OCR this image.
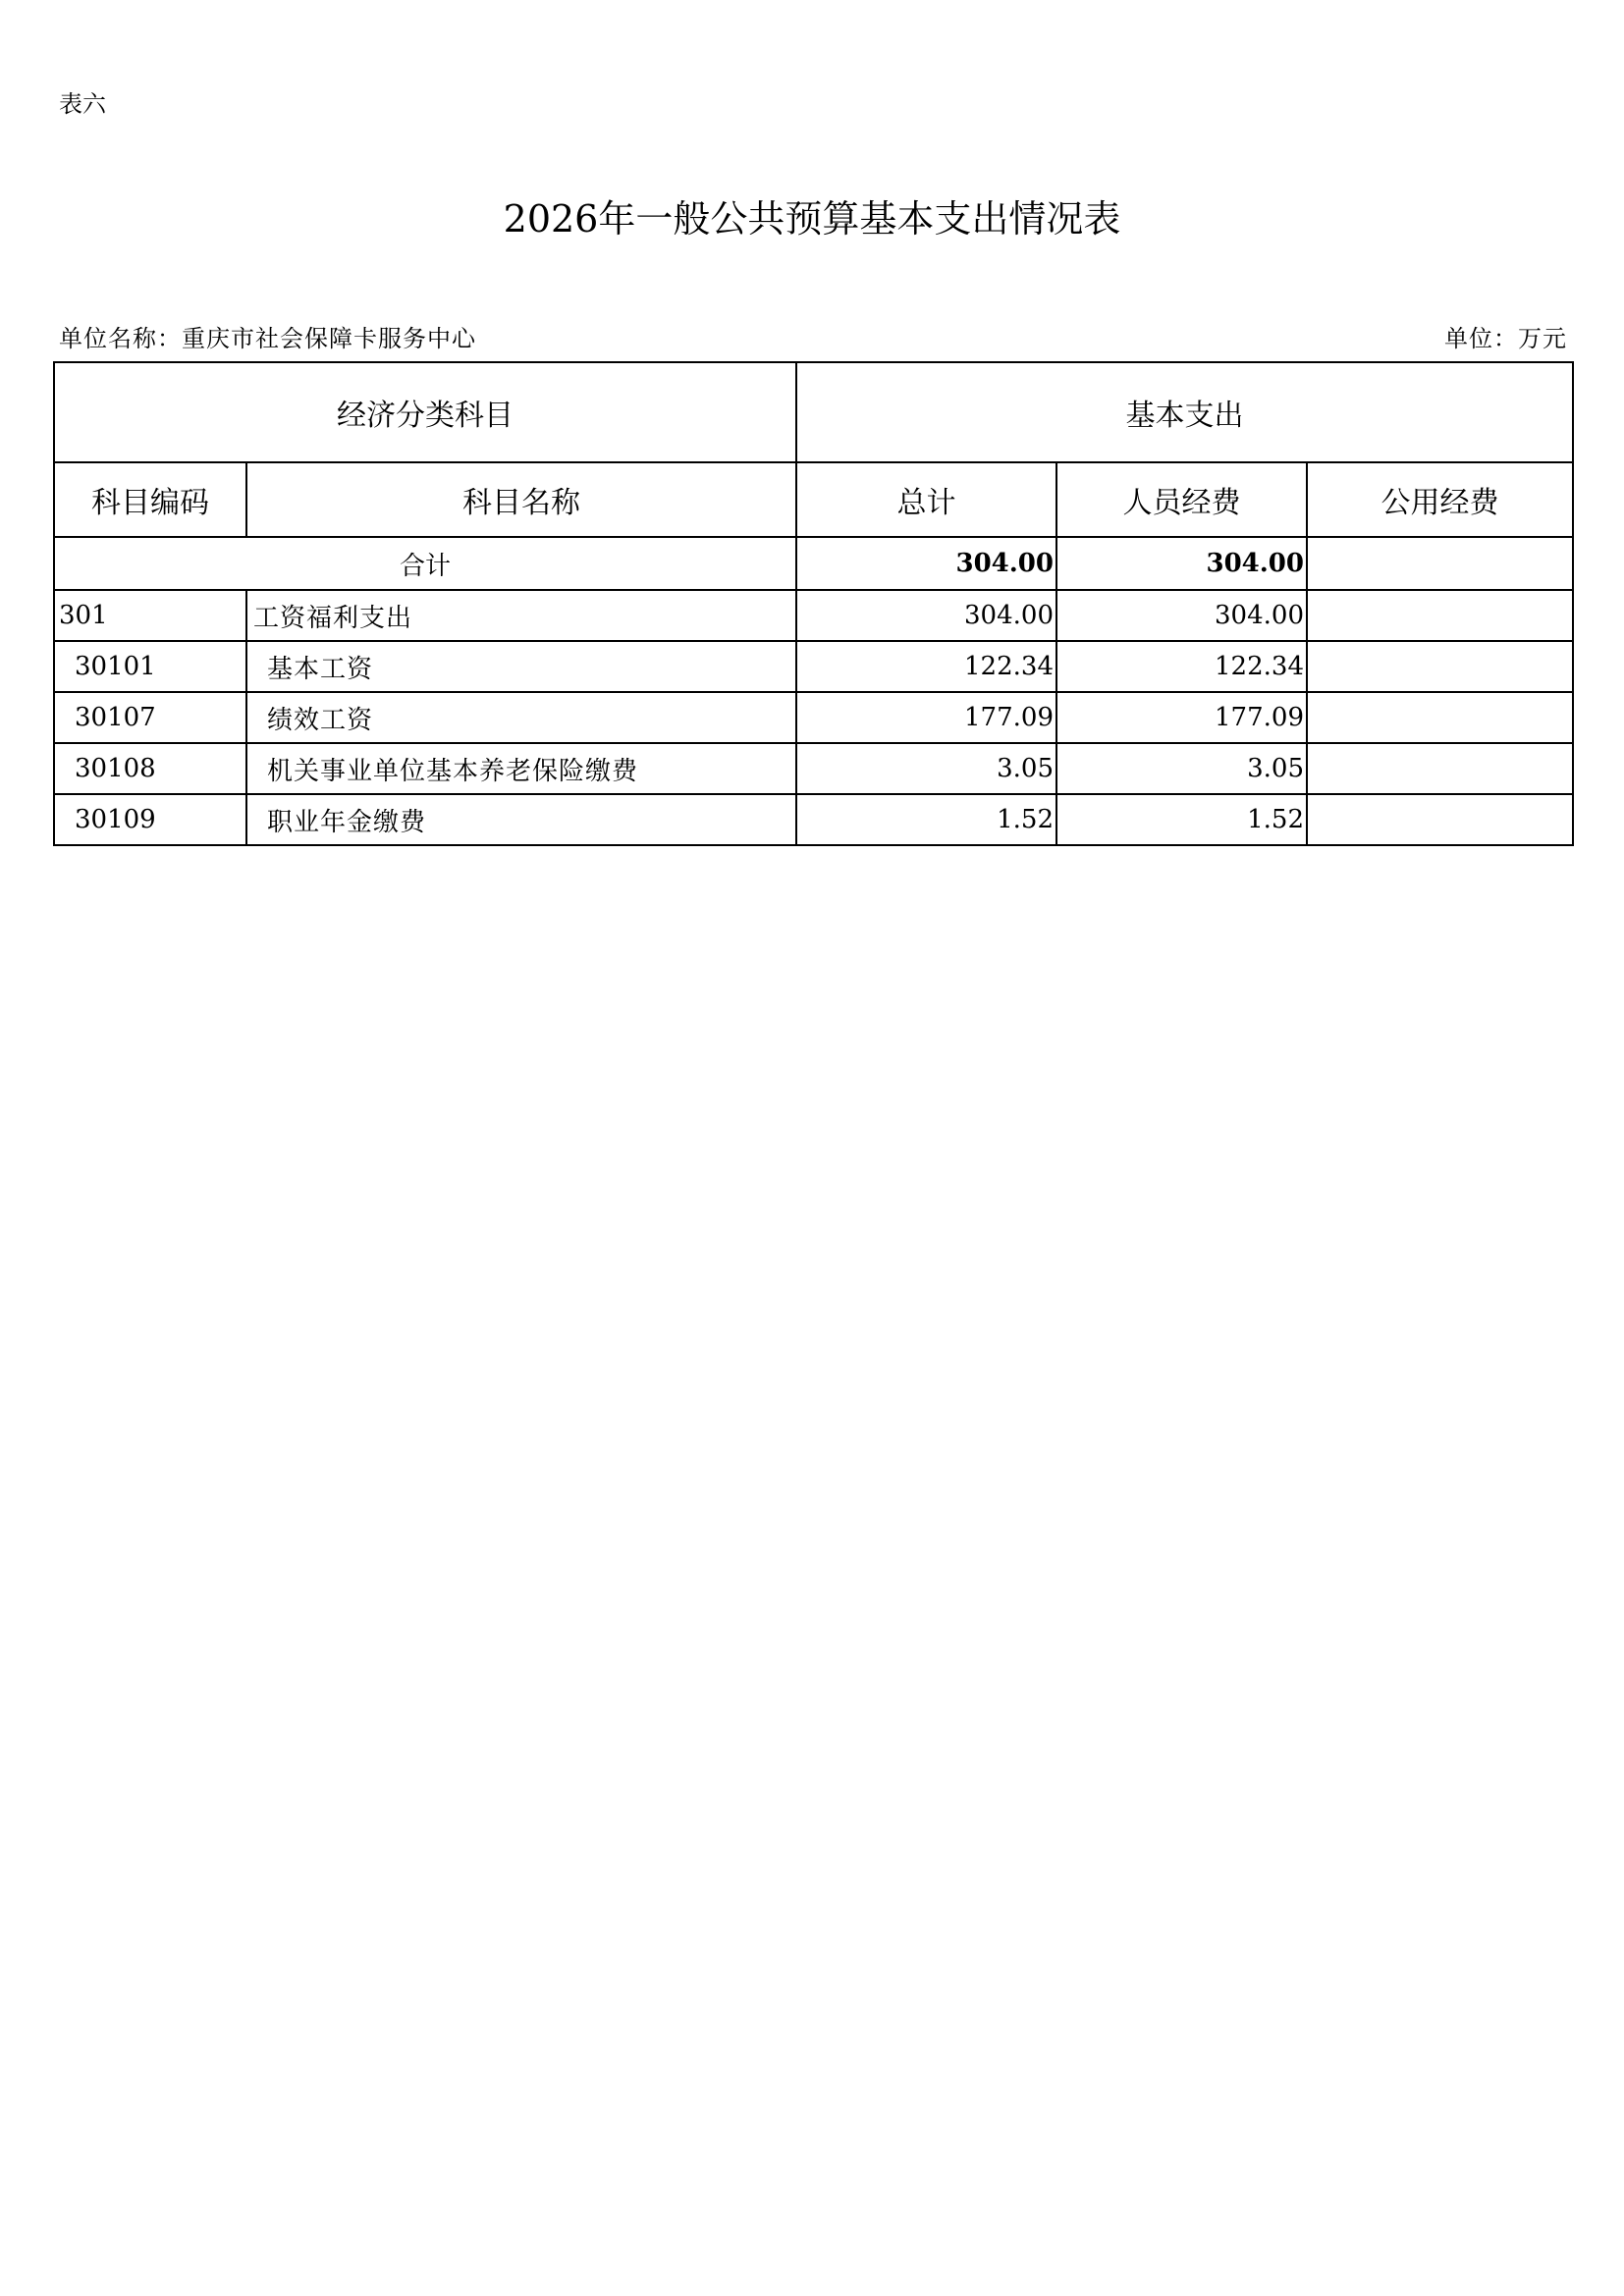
表六
2026年一般公共预算基本支出情况表
单位名称：重庆市社会保障卡服务中心	单位：万元
经济分类科目		基本支出		
科目编码	科目名称	总计	人员经费	公用经费
合计		304.00	304.00	
301	工资福利支出	304.00	304.00	
30101	基本工资	122.34	122.34	
30107	绩效工资	177.09	177.09	
30108	机关事业单位基本养老保险缴费	3.05	3.05	
30109	职业年金缴费	1.52	1.52	
